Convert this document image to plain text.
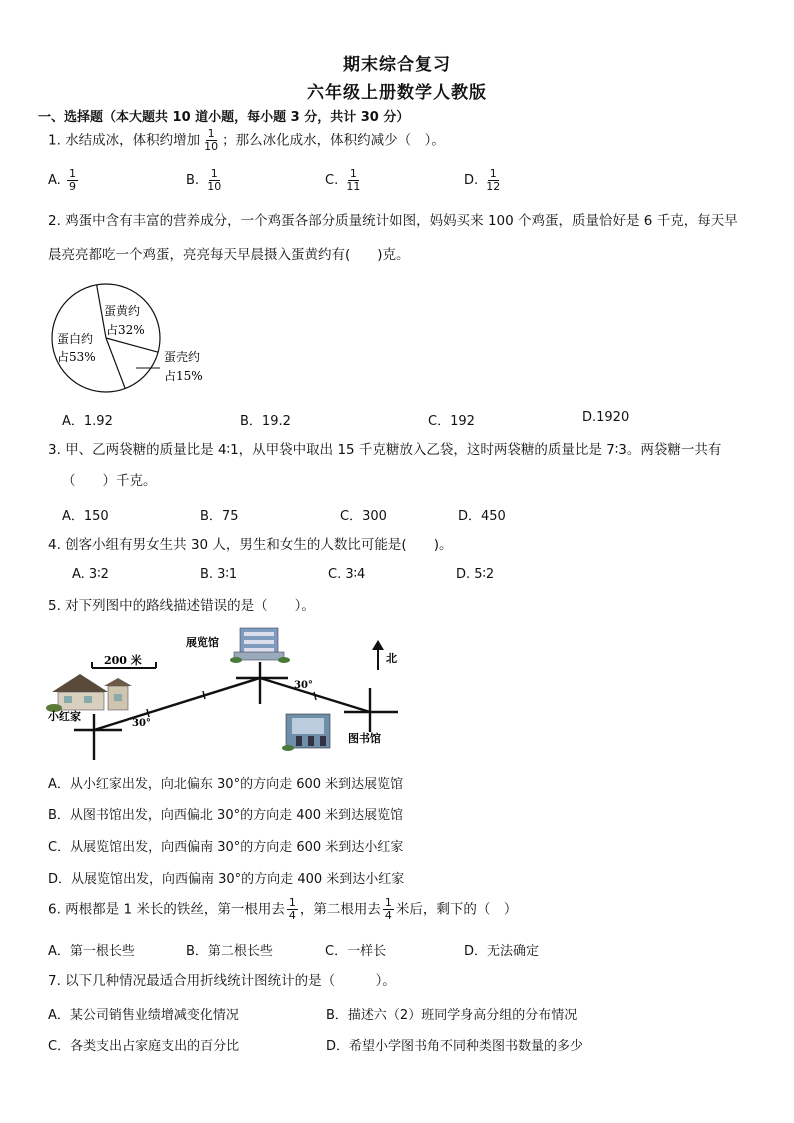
期末综合复习
六年级上册数学人教版
一、选择题（本大题共 10 道小题，每小题 3 分，共计 30 分）
1. 水结成冰，体积约增加 $\frac{1}{10}$ ；那么冰化成水，体积约减少（　）。
A. $\frac{1}{9}$	B. $\frac{1}{10}$	C. $\frac{1}{11}$	D. $\frac{1}{12}$
2. 鸡蛋中含有丰富的营养成分，一个鸡蛋各部分质量统计如图，妈妈买来 100 个鸡蛋，质量恰好是 6 千克，每天早
晨亮亮都吃一个鸡蛋，亮亮每天早晨摄入蛋黄约有(　　)克。
蛋黄约
占32%
蛋白约
占53%	蛋壳约
占15%
A．1.92	B．19.2	C．192	D.1920
3. 甲、乙两袋糖的质量比是 4∶1，从甲袋中取出 15 千克糖放入乙袋，这时两袋糖的质量比是 7∶3。两袋糖一共有
（　　）千克。
A．150	B．75	C．300	D．450
4. 创客小组有男女生共 30 人，男生和女生的人数比可能是(　　)。
A. 3∶2	B. 3∶1	C. 3∶4	D. 5∶2
5. 对下列图中的路线描述错误的是（　　）。
200 米
小红家
30°
30°
展览馆
图书馆
北
A．从小红家出发，向北偏东 30°的方向走 600 米到达展览馆
B．从图书馆出发，向西偏北 30°的方向走 400 米到达展览馆
C．从展览馆出发，向西偏南 30°的方向走 600 米到达小红家
D．从展览馆出发，向西偏南 30°的方向走 400 米到达小红家
6. 两根都是 1 米长的铁丝，第一根用去 $\frac{1}{4}$ ，第二根用去 $\frac{1}{4}$ 米后，剩下的（　）
A．第一根长些	B．第二根长些	C．一样长	D．无法确定
7. 以下几种情况最适合用折线统计图统计的是（　　　）。
A．某公司销售业绩增减变化情况	B．描述六（2）班同学身高分组的分布情况
C．各类支出占家庭支出的百分比	D．希望小学图书角不同种类图书数量的多少
